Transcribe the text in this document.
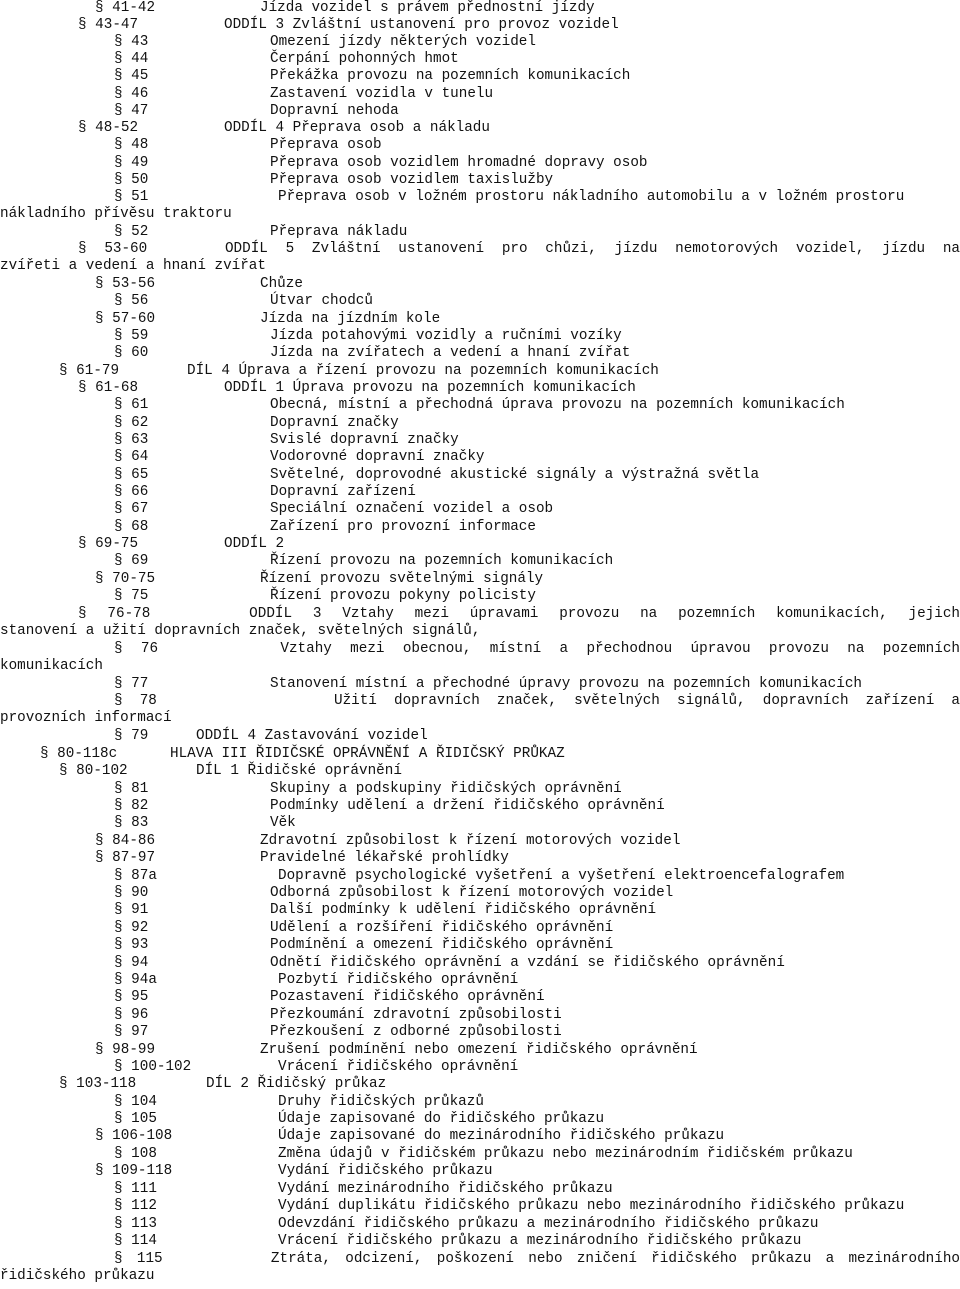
§ 41-42	Jízda vozidel s právem přednostní jízdy
§ 43-47	ODDÍL 3 Zvláštní ustanovení pro provoz vozidel
§ 43	Omezení jízdy některých vozidel
§ 44	Čerpání pohonných hmot
§ 45	Překážka provozu na pozemních komunikacích
§ 46	Zastavení vozidla v tunelu
§ 47	Dopravní nehoda
§ 48-52	ODDÍL 4 Přeprava osob a nákladu
§ 48	Přeprava osob
§ 49	Přeprava osob vozidlem hromadné dopravy osob
§ 50	Přeprava osob vozidlem taxislužby
§ 51	Přeprava osob v ložném prostoru nákladního automobilu a v ložném prostoru
nákladního přívěsu traktoru
§ 52	Přeprava nákladu
§ 53-60	ODDÍL 5 Zvláštní ustanovení pro chůzi, jízdu nemotorových vozidel, jízdu na
zvířeti a vedení a hnaní zvířat
§ 53-56	Chůze
§ 56	Útvar chodců
§ 57-60	Jízda na jízdním kole
§ 59	Jízda potahovými vozidly a ručními vozíky
§ 60	Jízda na zvířatech a vedení a hnaní zvířat
§ 61-79	DÍL 4 Úprava a řízení provozu na pozemních komunikacích
§ 61-68	ODDÍL 1 Úprava provozu na pozemních komunikacích
§ 61	Obecná, místní a přechodná úprava provozu na pozemních komunikacích
§ 62	Dopravní značky
§ 63	Svislé dopravní značky
§ 64	Vodorovné dopravní značky
§ 65	Světelné, doprovodné akustické signály a výstražná světla
§ 66	Dopravní zařízení
§ 67	Speciální označení vozidel a osob
§ 68	Zařízení pro provozní informace
§ 69-75	ODDÍL 2
§ 69	Řízení provozu na pozemních komunikacích
§ 70-75	Řízení provozu světelnými signály
§ 75	Řízení provozu pokyny policisty
§ 76-78	ODDÍL 3 Vztahy mezi úpravami provozu na pozemních komunikacích, jejich
stanovení a užití dopravních značek, světelných signálů,
§ 76	Vztahy mezi obecnou, místní a přechodnou úpravou provozu na pozemních
komunikacích
§ 77	Stanovení místní a přechodné úpravy provozu na pozemních komunikacích
§ 78	Užití dopravních značek, světelných signálů, dopravních zařízení a
provozních informací
§ 79	ODDÍL 4 Zastavování vozidel
§ 80-118c	HLAVA III ŘIDIČSKÉ OPRÁVNĚNÍ A ŘIDIČSKÝ PRŮKAZ
§ 80-102	DÍL 1 Řidičské oprávnění
§ 81	Skupiny a podskupiny řidičských oprávnění
§ 82	Podmínky udělení a držení řidičského oprávnění
§ 83	Věk
§ 84-86	Zdravotní způsobilost k řízení motorových vozidel
§ 87-97	Pravidelné lékařské prohlídky
§ 87a	Dopravně psychologické vyšetření a vyšetření elektroencefalografem
§ 90	Odborná způsobilost k řízení motorových vozidel
§ 91	Další podmínky k udělení řidičského oprávnění
§ 92	Udělení a rozšíření řidičského oprávnění
§ 93	Podmínění a omezení řidičského oprávnění
§ 94	Odnětí řidičského oprávnění a vzdání se řidičského oprávnění
§ 94a	Pozbytí řidičského oprávnění
§ 95	Pozastavení řidičského oprávnění
§ 96	Přezkoumání zdravotní způsobilosti
§ 97	Přezkoušení z odborné způsobilosti
§ 98-99	Zrušení podmínění nebo omezení řidičského oprávnění
§ 100-102	Vrácení řidičského oprávnění
§ 103-118	DÍL 2 Řidičský průkaz
§ 104	Druhy řidičských průkazů
§ 105	Údaje zapisované do řidičského průkazu
§ 106-108	Údaje zapisované do mezinárodního řidičského průkazu
§ 108	Změna údajů v řidičském průkazu nebo mezinárodním řidičském průkazu
§ 109-118	Vydání řidičského průkazu
§ 111	Vydání mezinárodního řidičského průkazu
§ 112	Vydání duplikátu řidičského průkazu nebo mezinárodního řidičského průkazu
§ 113	Odevzdání řidičského průkazu a mezinárodního řidičského průkazu
§ 114	Vrácení řidičského průkazu a mezinárodního řidičského průkazu
§ 115	Ztráta, odcizení, poškození nebo zničení řidičského průkazu a mezinárodního
řidičského průkazu
